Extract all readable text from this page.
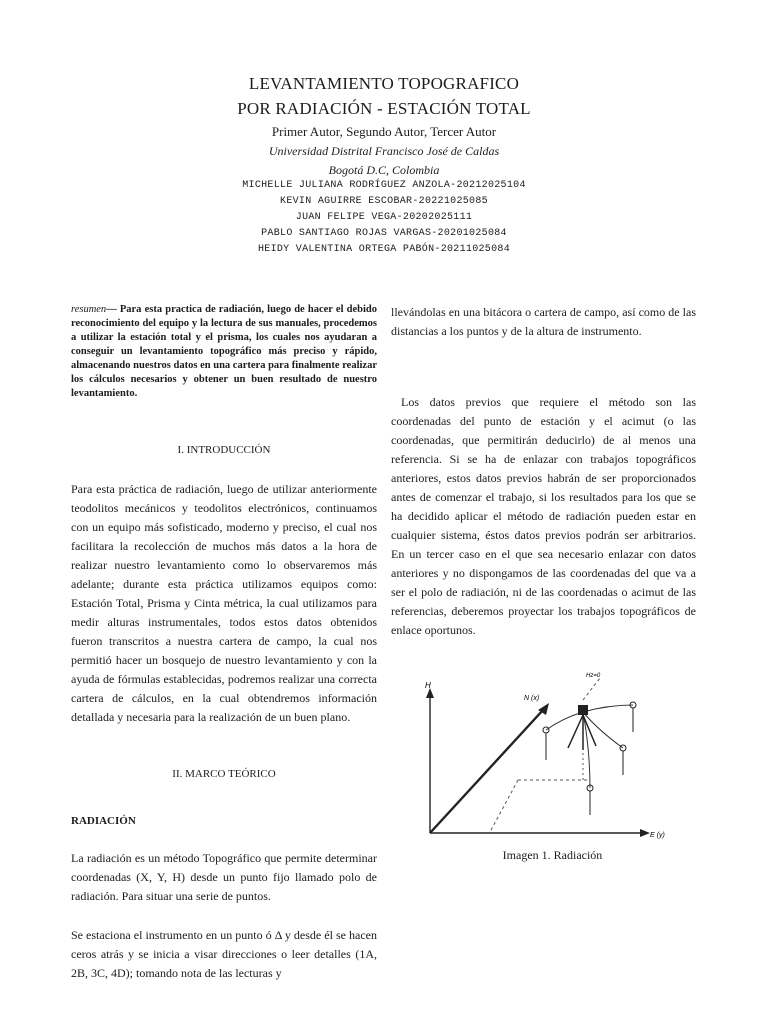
LEVANTAMIENTO TOPOGRAFICO
POR RADIACIÓN - ESTACIÓN TOTAL
Primer Autor, Segundo Autor, Tercer Autor
Universidad Distrital Francisco José de Caldas
Bogotá D.C, Colombia
MICHELLE JULIANA RODRÍGUEZ ANZOLA-20212025104
KEVIN AGUIRRE ESCOBAR-20221025085
JUAN FELIPE VEGA-20202025111
PABLO SANTIAGO ROJAS VARGAS-20201025084
HEIDY VALENTINA ORTEGA PABÓN-20211025084

resumen— Para esta practica de radiación, luego de hacer el debido reconocimiento del equipo y la lectura de sus manuales, procedemos a utilizar la estación total y el prisma, los cuales nos ayudaran a conseguir un levantamiento topográfico más preciso y rápido, almacenando nuestros datos en una cartera para finalmente realizar los cálculos necesarios y obtener un buen resultado de nuestro levantamiento.

I. INTRODUCCIÓN

Para esta práctica de radiación, luego de utilizar anteriormente teodolitos mecánicos y teodolitos electrónicos, continuamos con un equipo más sofisticado, moderno y preciso, el cual nos facilitara la recolección de muchos más datos a la hora de realizar nuestro levantamiento como lo observaremos más adelante; durante esta práctica utilizamos equipos como: Estación Total, Prisma y Cinta métrica, la cual utilizamos para medir alturas instrumentales, todos estos datos obtenidos fueron transcritos a nuestra cartera de campo, la cual nos permitió hacer un bosquejo de nuestro levantamiento y con la ayuda de fórmulas establecidas, podremos realizar una correcta cartera de cálculos, en la cual obtendremos información detallada y necesaria para la realización de un buen plano.

II. MARCO TEÓRICO

RADIACIÓN

La radiación es un método Topográfico que permite determinar coordenadas (X, Y, H) desde un punto fijo llamado polo de radiación. Para situar una serie de puntos.

Se estaciona el instrumento en un punto ó Δ y desde él se hacen ceros atrás y se inicia a visar direcciones o leer detalles (1A, 2B, 3C, 4D); tomando nota de las lecturas y

llevándolas en una bitácora o cartera de campo, así como de las distancias a los puntos y de la altura de instrumento.

Los datos previos que requiere el método son las coordenadas del punto de estación y el acimut (o las coordenadas, que permitirán deducirlo) de al menos una referencia. Si se ha de enlazar con trabajos topográficos anteriores, estos datos previos habrán de ser proporcionados antes de comenzar el trabajo, si los resultados para los que se ha decidido aplicar el método de radiación pueden estar en cualquier sistema, éstos datos previos podrán ser arbitrarios. En un tercer caso en el que sea necesario enlazar con datos anteriores y no dispongamos de las coordenadas del que va a ser el polo de radiación, ni de las coordenadas o acimut de las referencias, deberemos proyectar los trabajos topográficos de enlace oportunos.

H
N (x)
E (y)
Hz=0
Imagen 1. Radiación
